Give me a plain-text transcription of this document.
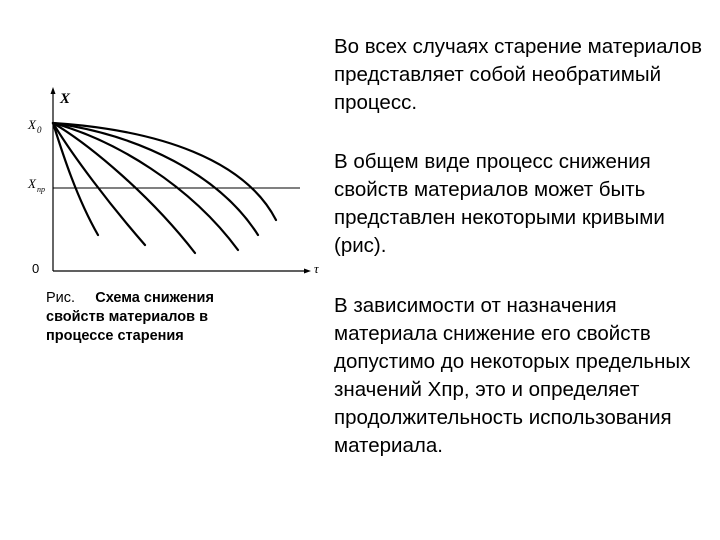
X
X 0
X пр
0	τ
Рис. Схема снижения свойств материалов в процессе старения
Во всех случаях старение материалов представляет собой необратимый процесс.
В общем виде процесс снижения свойств материалов может быть представлен некоторыми кривыми (рис).
В зависимости от назначения материала снижение его свойств допустимо до некоторых предельных значений Хпр, это и определяет продолжительность использования материала.
